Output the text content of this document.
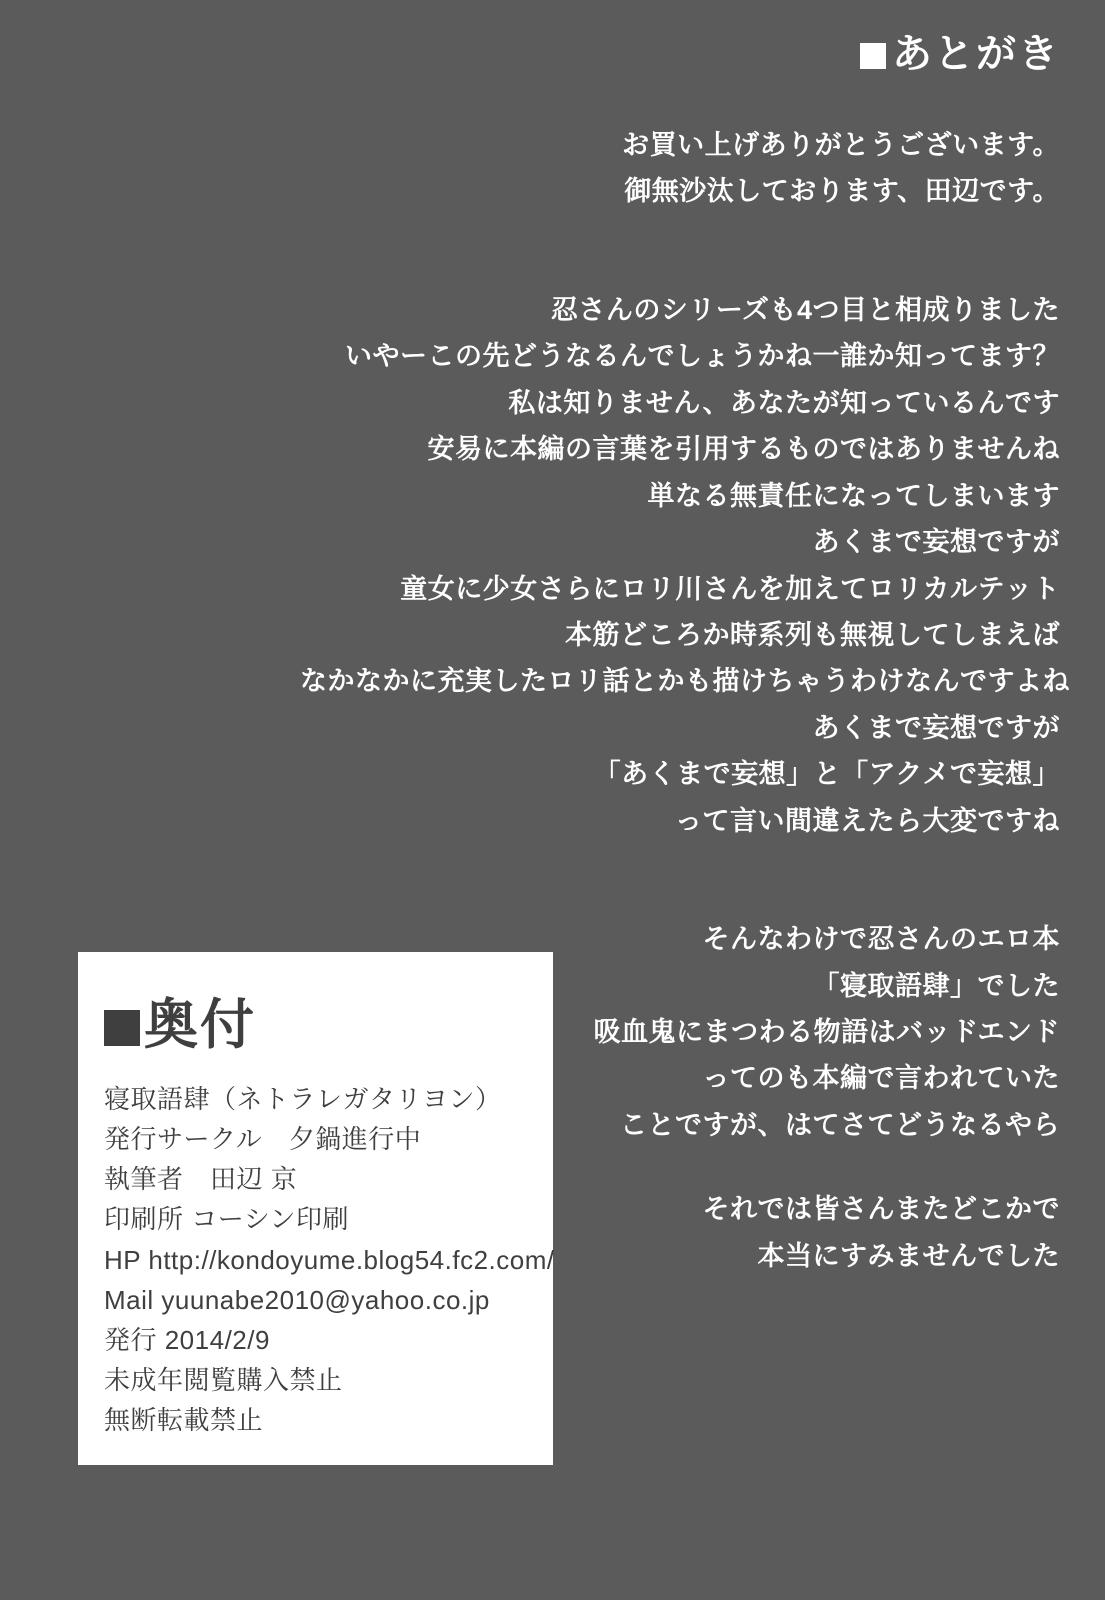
あとがき

お買い上げありがとうございます。

御無沙汰しております、田辺です。

忍さんのシリーズも4つ目と相成りました

いやーこの先どうなるんでしょうかね一誰か知ってます？

私は知りません、あなたが知っているんです

安易に本編の言葉を引用するものではありませんね

単なる無責任になってしまいます

あくまで妄想ですが

童女に少女さらにロリ川さんを加えてロリカルテット

本筋どころか時系列も無視してしまえば

なかなかに充実したロリ話とかも描けちゃうわけなんですよね

あくまで妄想ですが

「あくまで妄想」と「アクメで妄想」

って言い間違えたら大変ですね

そんなわけで忍さんのエロ本

「寝取語肆」でした

吸血鬼にまつわる物語はバッドエンド

ってのも本編で言われていた

ことですが、はてさてどうなるやら

それでは皆さんまたどこかで

本当にすみませんでした

奥付
寝取語肆（ネトラレガタリヨン）
発行サークル　夕鍋進行中
執筆者　田辺 京
印刷所 コーシン印刷
HP http://kondoyume.blog54.fc2.com/
Mail yuunabe2010@yahoo.co.jp
発行 2014/2/9
未成年閲覧購入禁止
無断転載禁止
